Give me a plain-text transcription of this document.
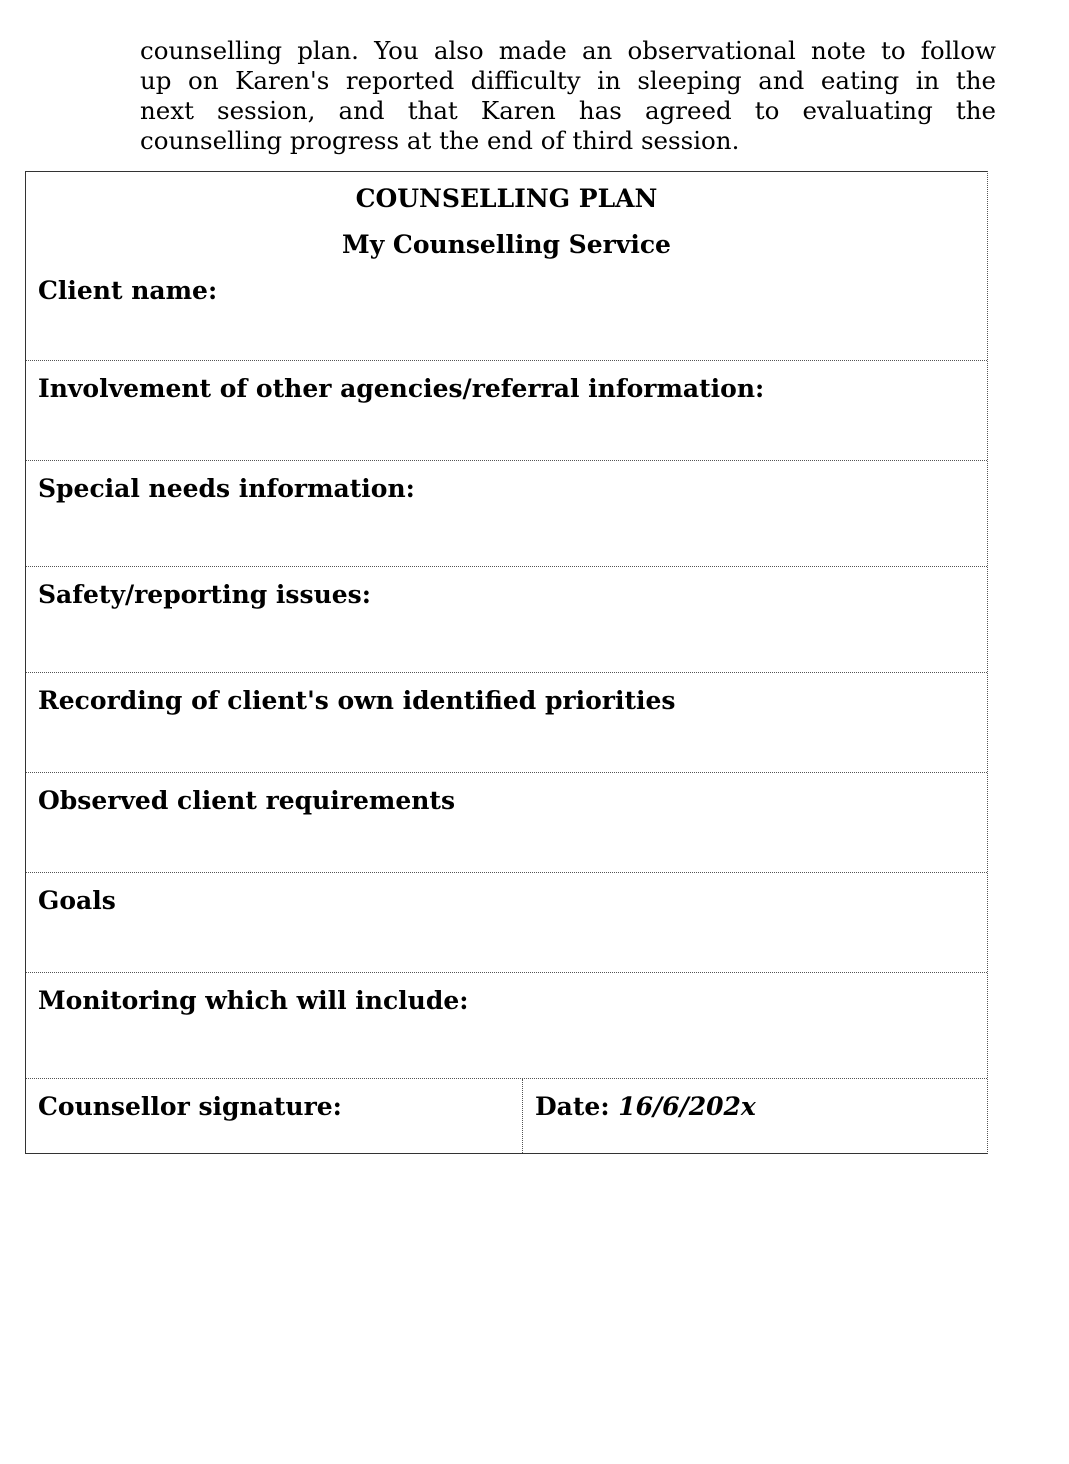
counselling plan. You also made an observational note to follow
up on Karen's reported difficulty in sleeping and eating in the
next session, and that Karen has agreed to evaluating the
counselling progress at the end of third session.
COUNSELLING PLAN
My Counselling Service
Client name:
Involvement of other agencies/referral information:
Special needs information:
Safety/reporting issues:
Recording of client's own identified priorities
Observed client requirements
Goals
Monitoring which will include:
Counsellor signature:	Date: 16/6/202x
